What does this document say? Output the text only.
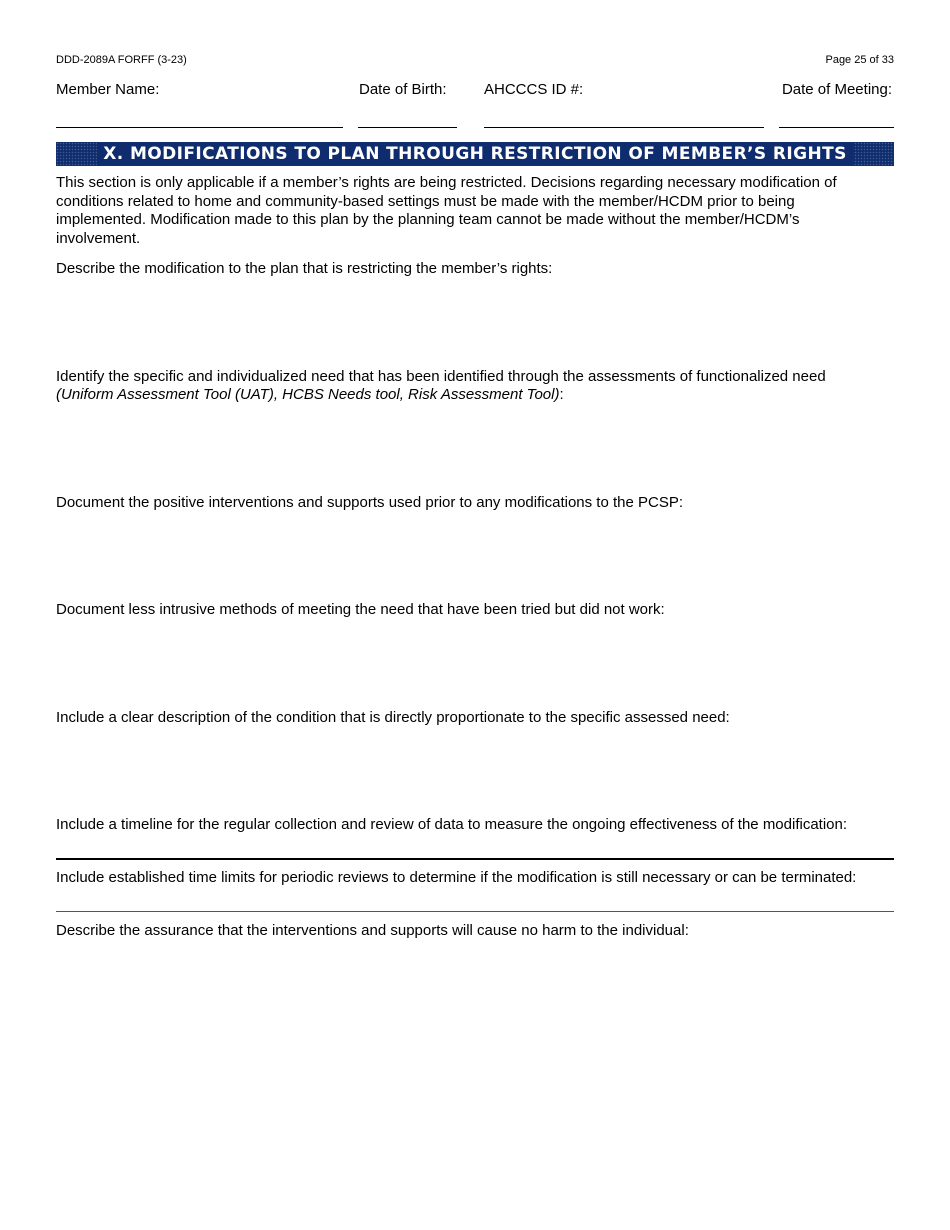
DDD-2089A FORFF (3-23)	Page 25 of 33
Member Name:	Date of Birth: AHCCCS ID #:	Date of Meeting:
X. MODIFICATIONS TO PLAN THROUGH RESTRICTION OF MEMBER’S RIGHTS
This section is only applicable if a member’s rights are being restricted. Decisions regarding necessary modification of conditions related to home and community-based settings must be made with the member/HCDM prior to being implemented. Modification made to this plan by the planning team cannot be made without the member/HCDM’s involvement.
Describe the modification to the plan that is restricting the member’s rights:
Identify the specific and individualized need that has been identified through the assessments of functionalized need
(Uniform Assessment Tool (UAT), HCBS Needs tool, Risk Assessment Tool):
Document the positive interventions and supports used prior to any modifications to the PCSP:
Document less intrusive methods of meeting the need that have been tried but did not work:
Include a clear description of the condition that is directly proportionate to the specific assessed need:
Include a timeline for the regular collection and review of data to measure the ongoing effectiveness of the modification:
Include established time limits for periodic reviews to determine if the modification is still necessary or can be terminated:
Describe the assurance that the interventions and supports will cause no harm to the individual:
